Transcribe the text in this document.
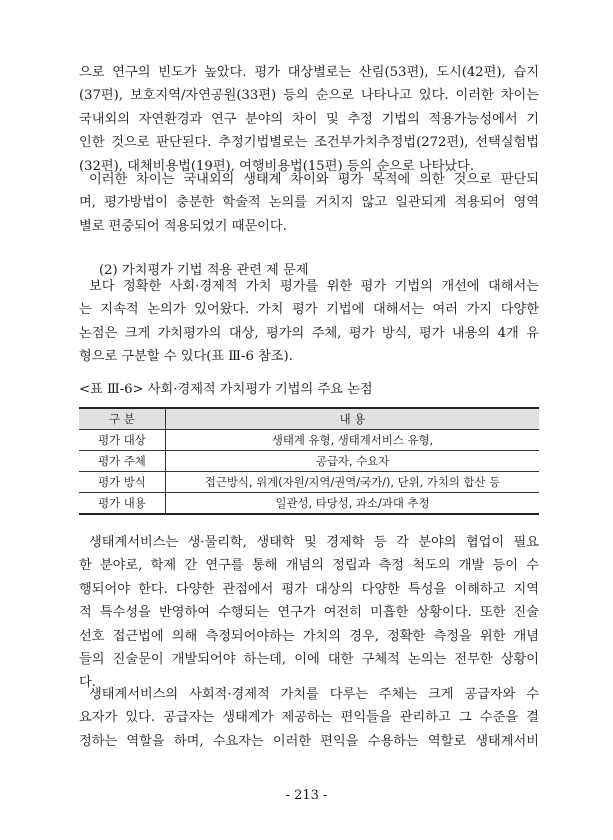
으로 연구의 빈도가 높았다. 평가 대상별로는 산림(53편), 도시(42편), 습지
(37편), 보호지역/자연공원(33편) 등의 순으로 나타나고 있다. 이러한 차이는
국내외의 자연환경과 연구 분야의 차이 및 추정 기법의 적용가능성에서 기
인한 것으로 판단된다. 추정기법별로는 조건부가치추정법(272편), 선택실험법
(32편), 대체비용법(19편), 여행비용법(15편) 등의 순으로 나타났다.
이러한 차이는 국내외의 생태계 차이와 평가 목적에 의한 것으로 판단되
며, 평가방법이 충분한 학술적 논의를 거치지 않고 일관되게 적용되어 영역
별로 편중되어 적용되었기 때문이다.
(2) 가치평가 기법 적용 관련 제 문제
보다 정확한 사회·경제적 가치 평가를 위한 평가 기법의 개선에 대해서는
는 지속적 논의가 있어왔다. 가치 평가 기법에 대해서는 여러 가지 다양한
논점은 크게 가치평가의 대상, 평가의 주체, 평가 방식, 평가 내용의 4개 유
형으로 구분할 수 있다(표 Ⅲ-6 참조).
<표 Ⅲ-6> 사회·경제적 가치평가 기법의 주요 논점
구 분	내 용
평가 대상	생태계 유형, 생태계서비스 유형,
평가 주체	공급자, 수요자
평가 방식	접근방식, 위계(자원/지역/권역/국가/), 단위, 가치의 합산 등
평가 내용	일관성, 타당성, 과소/과대 추정
생태계서비스는 생·물리학, 생태학 및 경제학 등 각 분야의 협업이 필요
한 분야로, 학제 간 연구를 통해 개념의 정립과 측정 척도의 개발 등이 수
행되어야 한다. 다양한 관점에서 평가 대상의 다양한 특성을 이해하고 지역
적 특수성을 반영하여 수행되는 연구가 여전히 미흡한 상황이다. 또한 진술
선호 접근법에 의해 측정되어야하는 가치의 경우, 정확한 측정을 위한 개념
들의 진술문이 개발되어야 하는데, 이에 대한 구체적 논의는 전무한 상황이
다.
생태계서비스의 사회적·경제적 가치를 다루는 주체는 크게 공급자와 수
요자가 있다. 공급자는 생태계가 제공하는 편익들을 관리하고 그 수준을 결
정하는 역할을 하며, 수요자는 이러한 편익을 수용하는 역할로 생태계서비
- 213 -
